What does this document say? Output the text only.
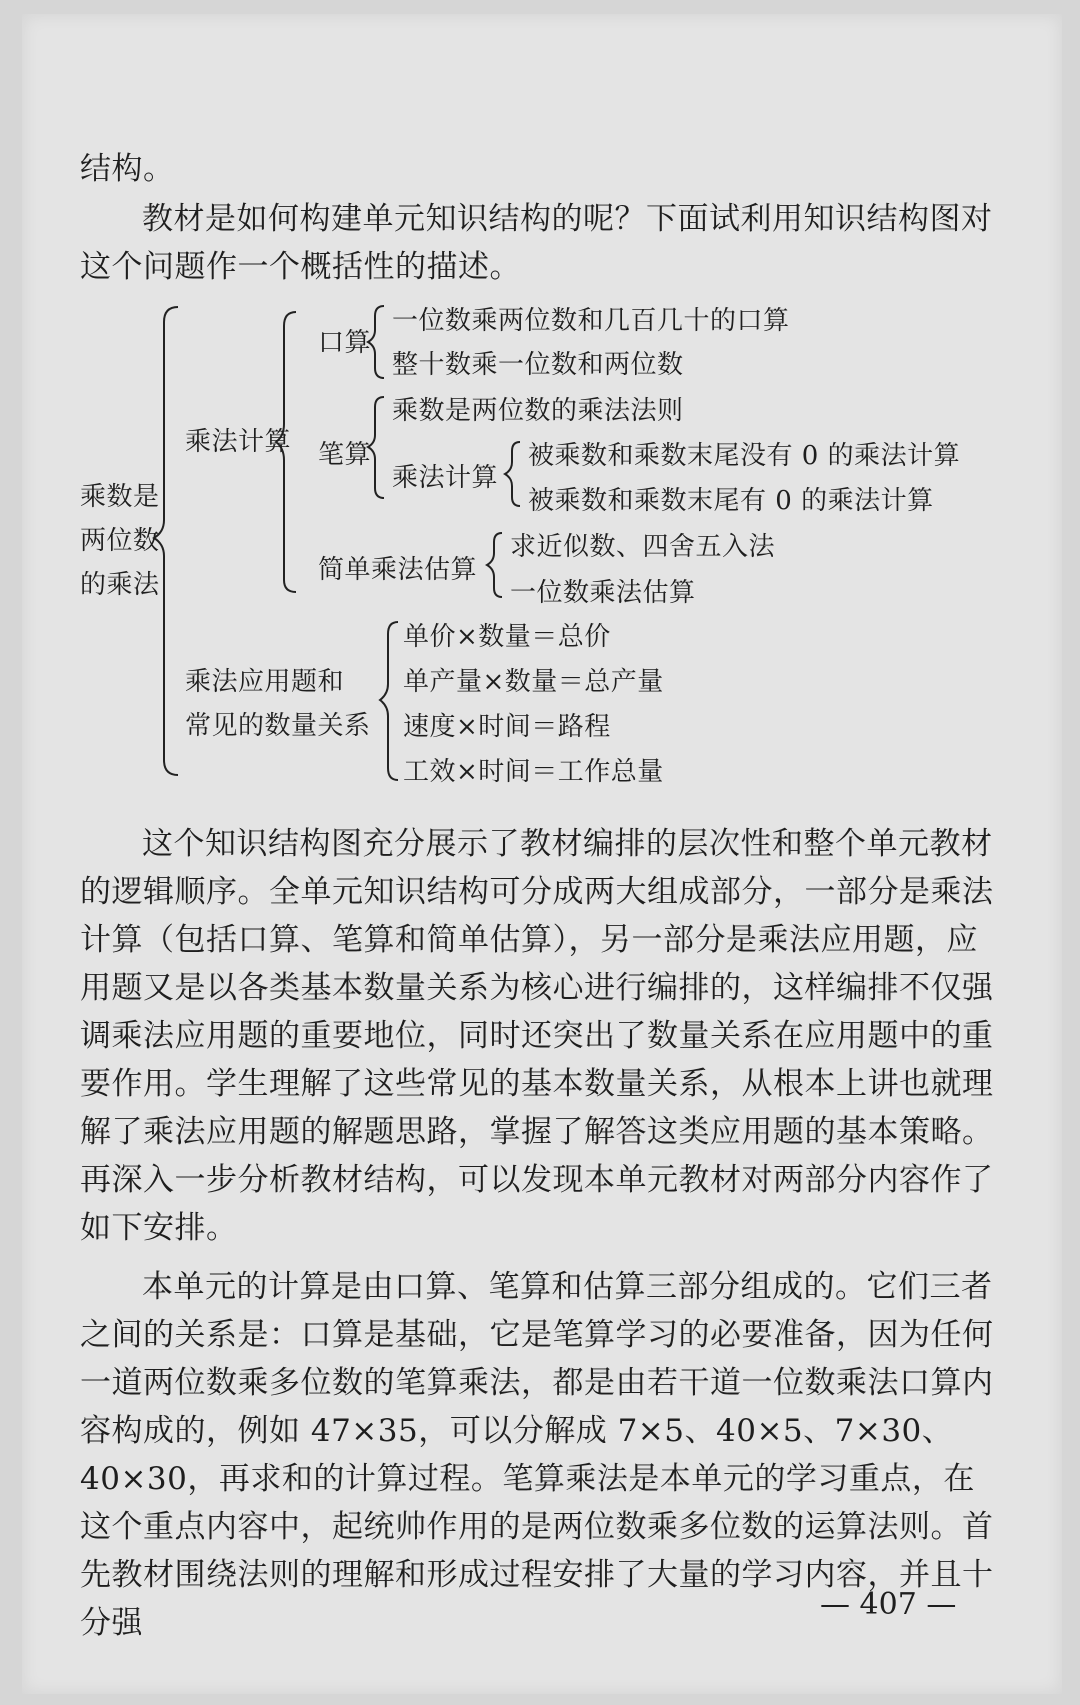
结构。

教材是如何构建单元知识结构的呢？下面试利用知识结构图对这个问题作一个概括性的描述。

乘数是两位数的乘法
乘法计算
口算
一位数乘两位数和几百几十的口算
整十数乘一位数和两位数
笔算
乘数是两位数的乘法法则
乘法计算
被乘数和乘数末尾没有 0 的乘法计算
被乘数和乘数末尾有 0 的乘法计算
简单乘法估算
求近似数、四舍五入法
一位数乘法估算
乘法应用题和
常见的数量关系
单价×数量＝总价
单产量×数量＝总产量
速度×时间＝路程
工效×时间＝工作总量

这个知识结构图充分展示了教材编排的层次性和整个单元教材的逻辑顺序。全单元知识结构可分成两大组成部分，一部分是乘法计算（包括口算、笔算和简单估算），另一部分是乘法应用题，应用题又是以各类基本数量关系为核心进行编排的，这样编排不仅强调乘法应用题的重要地位，同时还突出了数量关系在应用题中的重要作用。学生理解了这些常见的基本数量关系，从根本上讲也就理解了乘法应用题的解题思路，掌握了解答这类应用题的基本策略。再深入一步分析教材结构，可以发现本单元教材对两部分内容作了如下安排。

本单元的计算是由口算、笔算和估算三部分组成的。它们三者之间的关系是：口算是基础，它是笔算学习的必要准备，因为任何一道两位数乘多位数的笔算乘法，都是由若干道一位数乘法口算内容构成的，例如 47×35，可以分解成 7×5、40×5、7×30、40×30，再求和的计算过程。笔算乘法是本单元的学习重点，在这个重点内容中，起统帅作用的是两位数乘多位数的运算法则。首先教材围绕法则的理解和形成过程安排了大量的学习内容，并且十分强

— 407 —
